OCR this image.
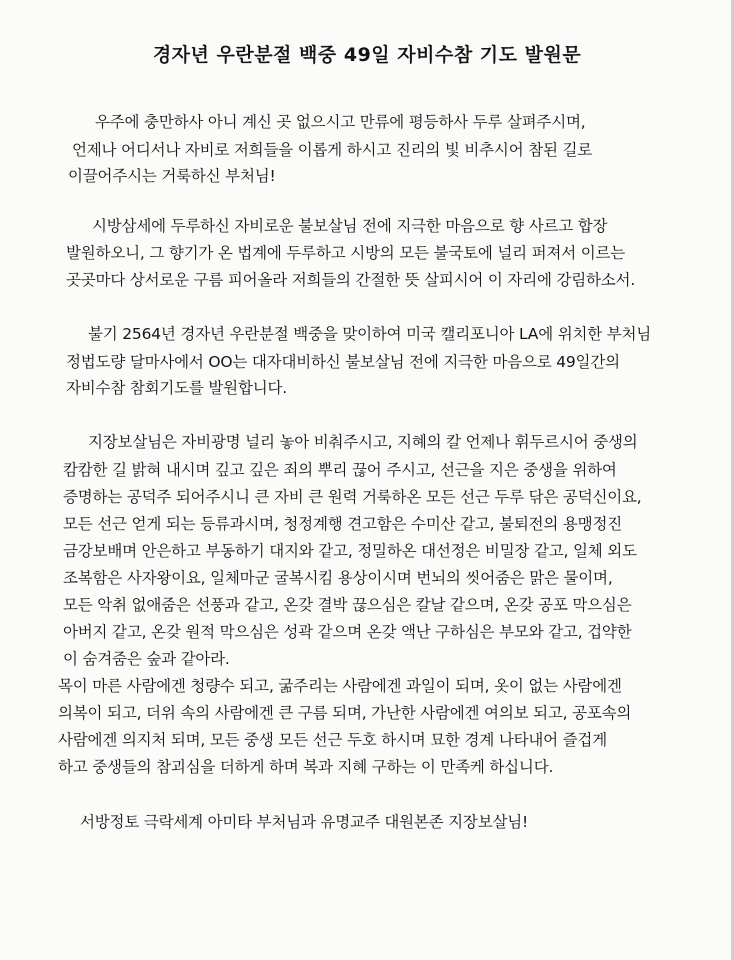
경자년 우란분절 백중 49일 자비수참 기도 발원문
우주에 충만하사 아니 계신 곳 없으시고 만류에 평등하사 두루 살펴주시며,
언제나 어디서나 자비로 저희들을 이롭게 하시고 진리의 빛 비추시어 참된 길로
이끌어주시는 거룩하신 부처님!
시방삼세에 두루하신 자비로운 불보살님 전에 지극한 마음으로 향 사르고 합장
발원하오니, 그 향기가 온 법계에 두루하고 시방의 모든 불국토에 널리 퍼져서 이르는
곳곳마다 상서로운 구름 피어올라 저희들의 간절한 뜻 살피시어 이 자리에 강림하소서.
불기 2564년 경자년 우란분절 백중을 맞이하여 미국 캘리포니아 LA에 위치한 부처님
정법도량 달마사에서 OO는 대자대비하신 불보살님 전에 지극한 마음으로 49일간의
자비수참 참회기도를 발원합니다.
지장보살님은 자비광명 널리 놓아 비춰주시고, 지혜의 칼 언제나 휘두르시어 중생의
캄캄한 길 밝혀 내시며 깊고 깊은 죄의 뿌리 끊어 주시고, 선근을 지은 중생을 위하여
증명하는 공덕주 되어주시니 큰 자비 큰 원력 거룩하온 모든 선근 두루 닦은 공덕신이요,
모든 선근 얻게 되는 등류과시며, 청정계행 견고함은 수미산 같고, 불퇴전의 용맹정진
금강보배며 안은하고 부동하기 대지와 같고, 정밀하온 대선정은 비밀장 같고, 일체 외도
조복함은 사자왕이요, 일체마군 굴복시킴 용상이시며 번뇌의 씻어줌은 맑은 물이며,
모든 악취 없애줌은 선풍과 같고, 온갖 결박 끊으심은 칼날 같으며, 온갖 공포 막으심은
아버지 같고, 온갖 원적 막으심은 성곽 같으며 온갖 액난 구하심은 부모와 같고, 겁약한
이 숨겨줌은 숲과 같아라.
목이 마른 사람에겐 청량수 되고, 굶주리는 사람에겐 과일이 되며, 옷이 없는 사람에겐
의복이 되고, 더위 속의 사람에겐 큰 구름 되며, 가난한 사람에겐 여의보 되고, 공포속의
사람에겐 의지처 되며, 모든 중생 모든 선근 두호 하시며 묘한 경계 나타내어 즐겁게
하고 중생들의 참괴심을 더하게 하며 복과 지혜 구하는 이 만족케 하십니다.
서방정토 극락세계 아미타 부처님과 유명교주 대원본존 지장보살님!
